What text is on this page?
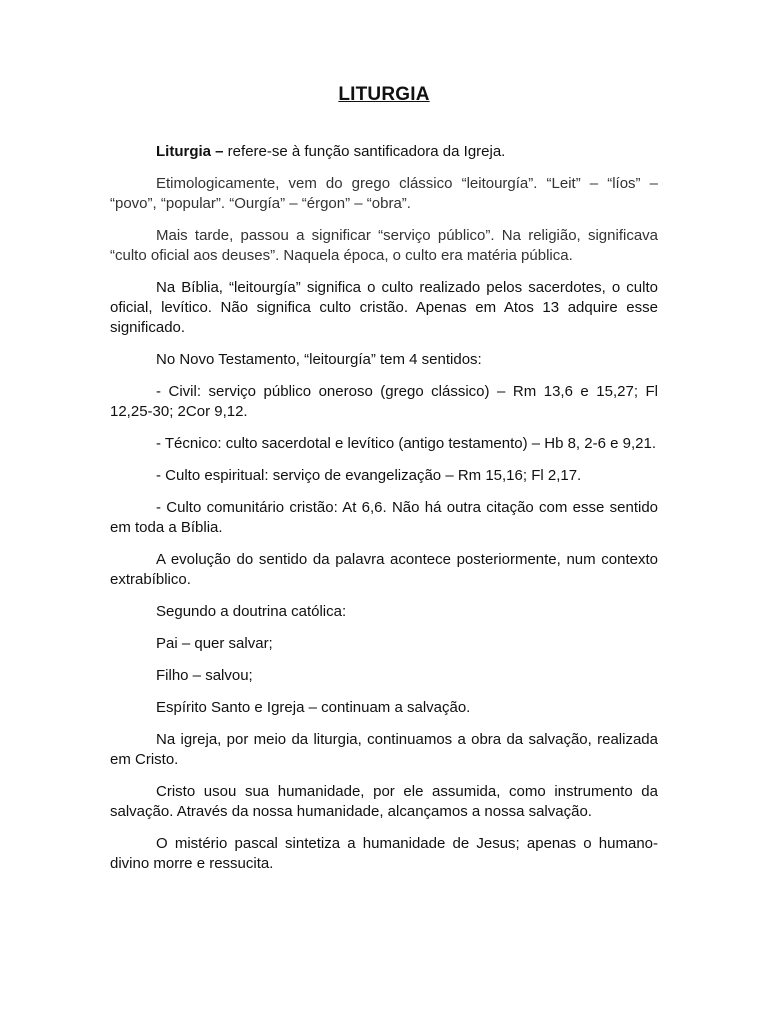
LITURGIA

Liturgia – refere-se à função santificadora da Igreja.

Etimologicamente, vem do grego clássico “leitourgía”. “Leit” – “líos” – “povo”, “popular”. “Ourgía” – “érgon” – “obra”.

Mais tarde, passou a significar “serviço público”. Na religião, significava “culto oficial aos deuses”. Naquela época, o culto era matéria pública.

Na Bíblia, “leitourgía” significa o culto realizado pelos sacerdotes, o culto oficial, levítico. Não significa culto cristão. Apenas em Atos 13 adquire esse significado.

No Novo Testamento, “leitourgía” tem 4 sentidos:

- Civil: serviço público oneroso (grego clássico) – Rm 13,6 e 15,27; Fl 12,25-30; 2Cor 9,12.

- Técnico: culto sacerdotal e levítico (antigo testamento) – Hb 8, 2-6 e 9,21.

- Culto espiritual: serviço de evangelização – Rm 15,16; Fl 2,17.

- Culto comunitário cristão: At 6,6. Não há outra citação com esse sentido em toda a Bíblia.

A evolução do sentido da palavra acontece posteriormente, num contexto extrabíblico.

Segundo a doutrina católica:

Pai – quer salvar;

Filho – salvou;

Espírito Santo e Igreja – continuam a salvação.

Na igreja, por meio da liturgia, continuamos a obra da salvação, realizada em Cristo.

Cristo usou sua humanidade, por ele assumida, como instrumento da salvação. Através da nossa humanidade, alcançamos a nossa salvação.

O mistério pascal sintetiza a humanidade de Jesus; apenas o humano-divino morre e ressucita.
